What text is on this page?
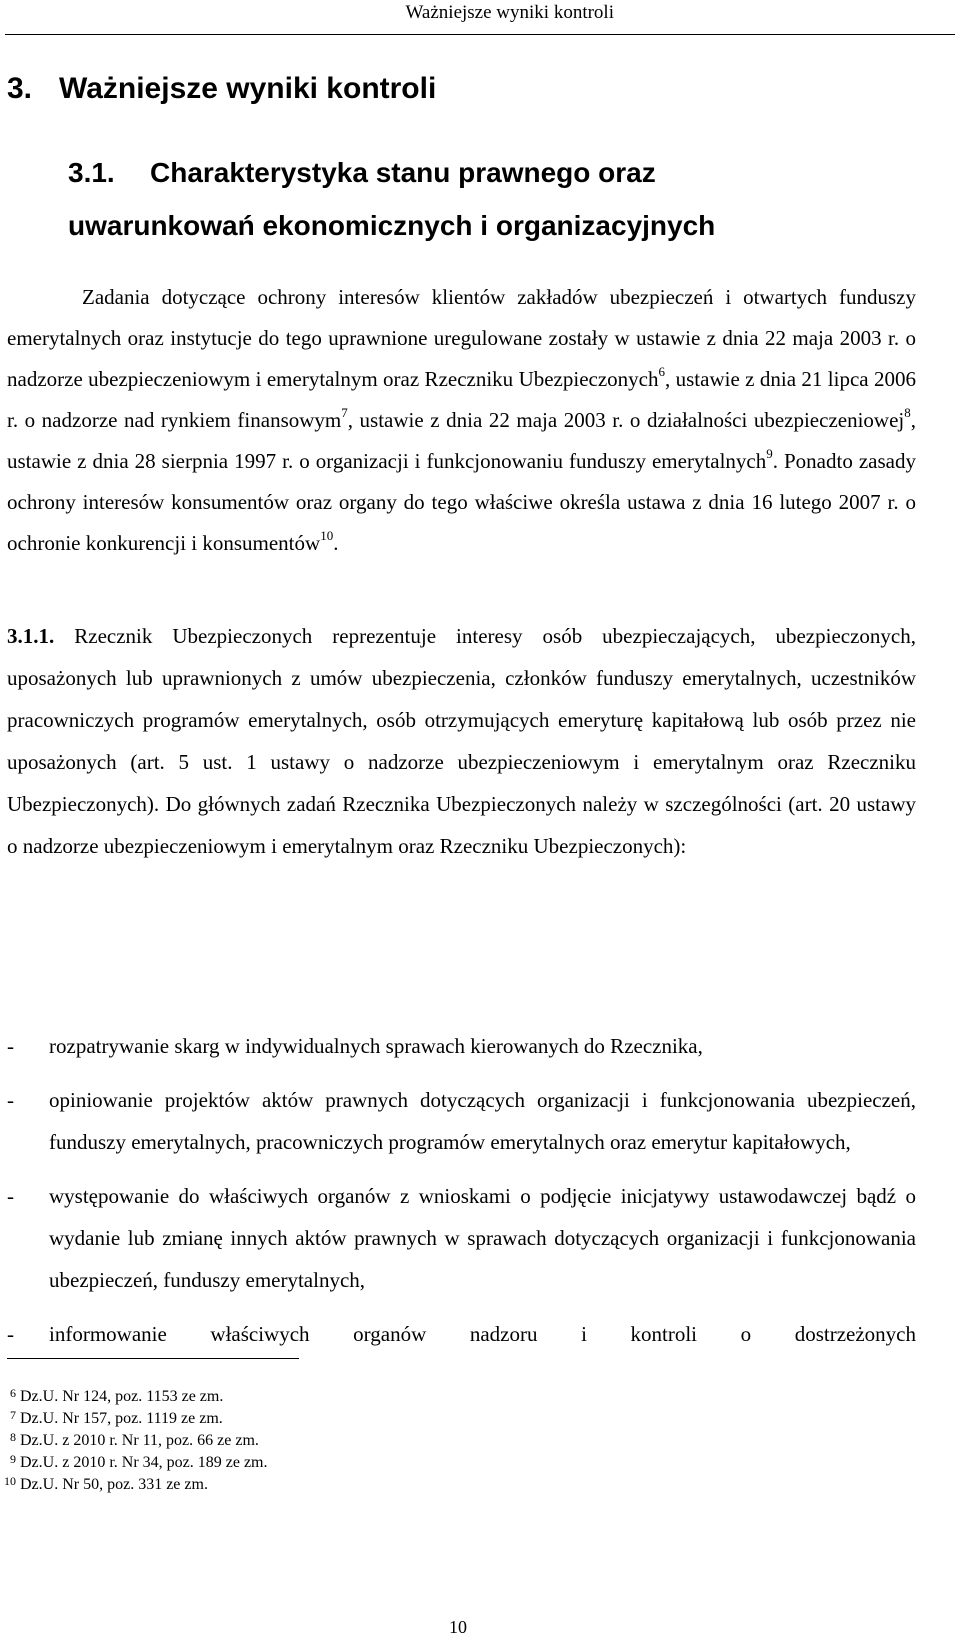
Ważniejsze wyniki kontroli
3. Ważniejsze wyniki kontroli
3.1. Charakterystyka stanu prawnego oraz
uwarunkowań ekonomicznych i organizacyjnych

Zadania dotyczące ochrony interesów klientów zakładów ubezpieczeń i otwartych funduszy emerytalnych oraz instytucje do tego uprawnione uregulowane zostały w ustawie z dnia 22 maja 2003 r. o nadzorze ubezpieczeniowym i emerytalnym oraz Rzeczniku Ubezpieczonych$^6$, ustawie z dnia 21 lipca 2006 r. o nadzorze nad rynkiem finansowym$^7$, ustawie z dnia 22 maja 2003 r. o działalności ubezpieczeniowej$^8$, ustawie z dnia 28 sierpnia 1997 r. o organizacji i funkcjonowaniu funduszy emerytalnych$^9$. Ponadto zasady ochrony interesów konsumentów oraz organy do tego właściwe określa ustawa z dnia 16 lutego 2007 r. o ochronie konkurencji i konsumentów$^{10}$.

3.1.1. Rzecznik Ubezpieczonych reprezentuje interesy osób ubezpieczających, ubezpieczonych, uposażonych lub uprawnionych z umów ubezpieczenia, członków funduszy emerytalnych, uczestników pracowniczych programów emerytalnych, osób otrzymujących emeryturę kapitałową lub osób przez nie uposażonych (art. 5 ust. 1 ustawy o nadzorze ubezpieczeniowym i emerytalnym oraz Rzeczniku Ubezpieczonych). Do głównych zadań Rzecznika Ubezpieczonych należy w szczególności (art. 20 ustawy o nadzorze ubezpieczeniowym i emerytalnym oraz Rzeczniku Ubezpieczonych):

- rozpatrywanie skarg w indywidualnych sprawach kierowanych do Rzecznika,
- opiniowanie projektów aktów prawnych dotyczących organizacji i funkcjonowania ubezpieczeń, funduszy emerytalnych, pracowniczych programów emerytalnych oraz emerytur kapitałowych,
- występowanie do właściwych organów z wnioskami o podjęcie inicjatywy ustawodawczej bądź o wydanie lub zmianę innych aktów prawnych w sprawach dotyczących organizacji i funkcjonowania ubezpieczeń, funduszy emerytalnych,
- informowanie właściwych organów nadzoru i kontroli o dostrzeżonych
6 Dz.U. Nr 124, poz. 1153 ze zm.
7 Dz.U. Nr 157, poz. 1119 ze zm.
8 Dz.U. z 2010 r. Nr 11, poz. 66 ze zm.
9 Dz.U. z 2010 r. Nr 34, poz. 189 ze zm.
10 Dz.U. Nr 50, poz. 331 ze zm.
10
